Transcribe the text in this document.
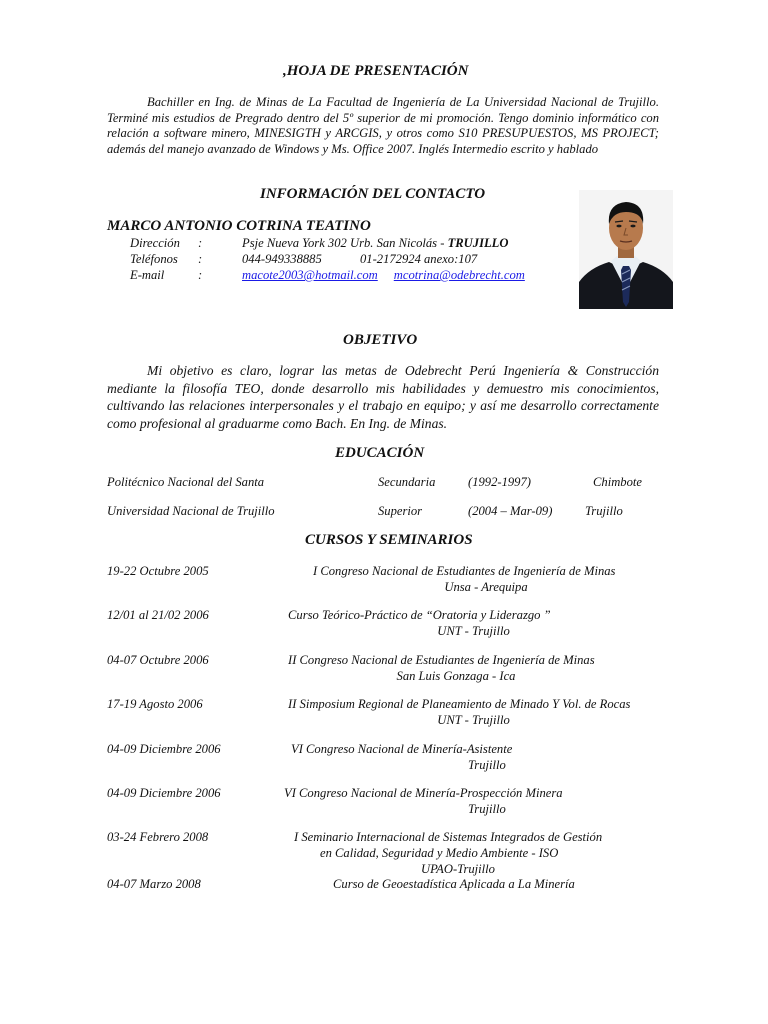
,HOJA DE PRESENTACIÓN
Bachiller en Ing. de Minas de La Facultad de Ingeniería de La Universidad Nacional de Trujillo. Terminé mis estudios de Pregrado dentro del 5º superior de mi promoción. Tengo dominio informático con relación a software minero, MINESIGTH y ARCGIS, y otros como S10 PRESUPUESTOS, MS PROJECT; además del manejo avanzado de Windows y Ms. Office 2007. Inglés Intermedio escrito y hablado
INFORMACIÓN DEL CONTACTO
MARCO ANTONIO COTRINA TEATINO
Dirección :	Psje Nueva York 302 Urb. San Nicolás - TRUJILLO
Teléfonos :	044-949338885	01-2172924 anexo:107
E-mail	:	macote2003@hotmail.com mcotrina@odebrecht.com
OBJETIVO
Mi objetivo es claro, lograr las metas de Odebrecht Perú Ingeniería & Construcción mediante la filosofía TEO, donde desarrollo mis habilidades y demuestro mis conocimientos, cultivando las relaciones interpersonales y el trabajo en equipo; y así me desarrollo correctamente como profesional al graduarme como Bach. En Ing. de Minas.
EDUCACIÓN
Politécnico Nacional del Santa	Secundaria	(1992-1997)	Chimbote
Universidad Nacional de Trujillo	Superior	(2004 – Mar-09)	Trujillo
CURSOS Y SEMINARIOS
19-22 Octubre 2005	I Congreso Nacional de Estudiantes de Ingeniería de Minas
Unsa - Arequipa
12/01 al 21/02 2006	Curso Teórico-Práctico de “Oratoria y Liderazgo ”
UNT - Trujillo
04-07 Octubre 2006	II Congreso Nacional de Estudiantes de Ingeniería de Minas
San Luis Gonzaga - Ica
17-19 Agosto 2006	II Simposium Regional de Planeamiento de Minado Y Vol. de Rocas
UNT - Trujillo
04-09 Diciembre 2006	VI Congreso Nacional de Minería-Asistente
Trujillo
04-09 Diciembre 2006	VI Congreso Nacional de Minería-Prospección Minera
Trujillo
03-24 Febrero 2008	I Seminario Internacional de Sistemas Integrados de Gestión
en Calidad, Seguridad y Medio Ambiente - ISO
UPAO-Trujillo
04-07 Marzo 2008	Curso de Geoestadística Aplicada a La Minería
